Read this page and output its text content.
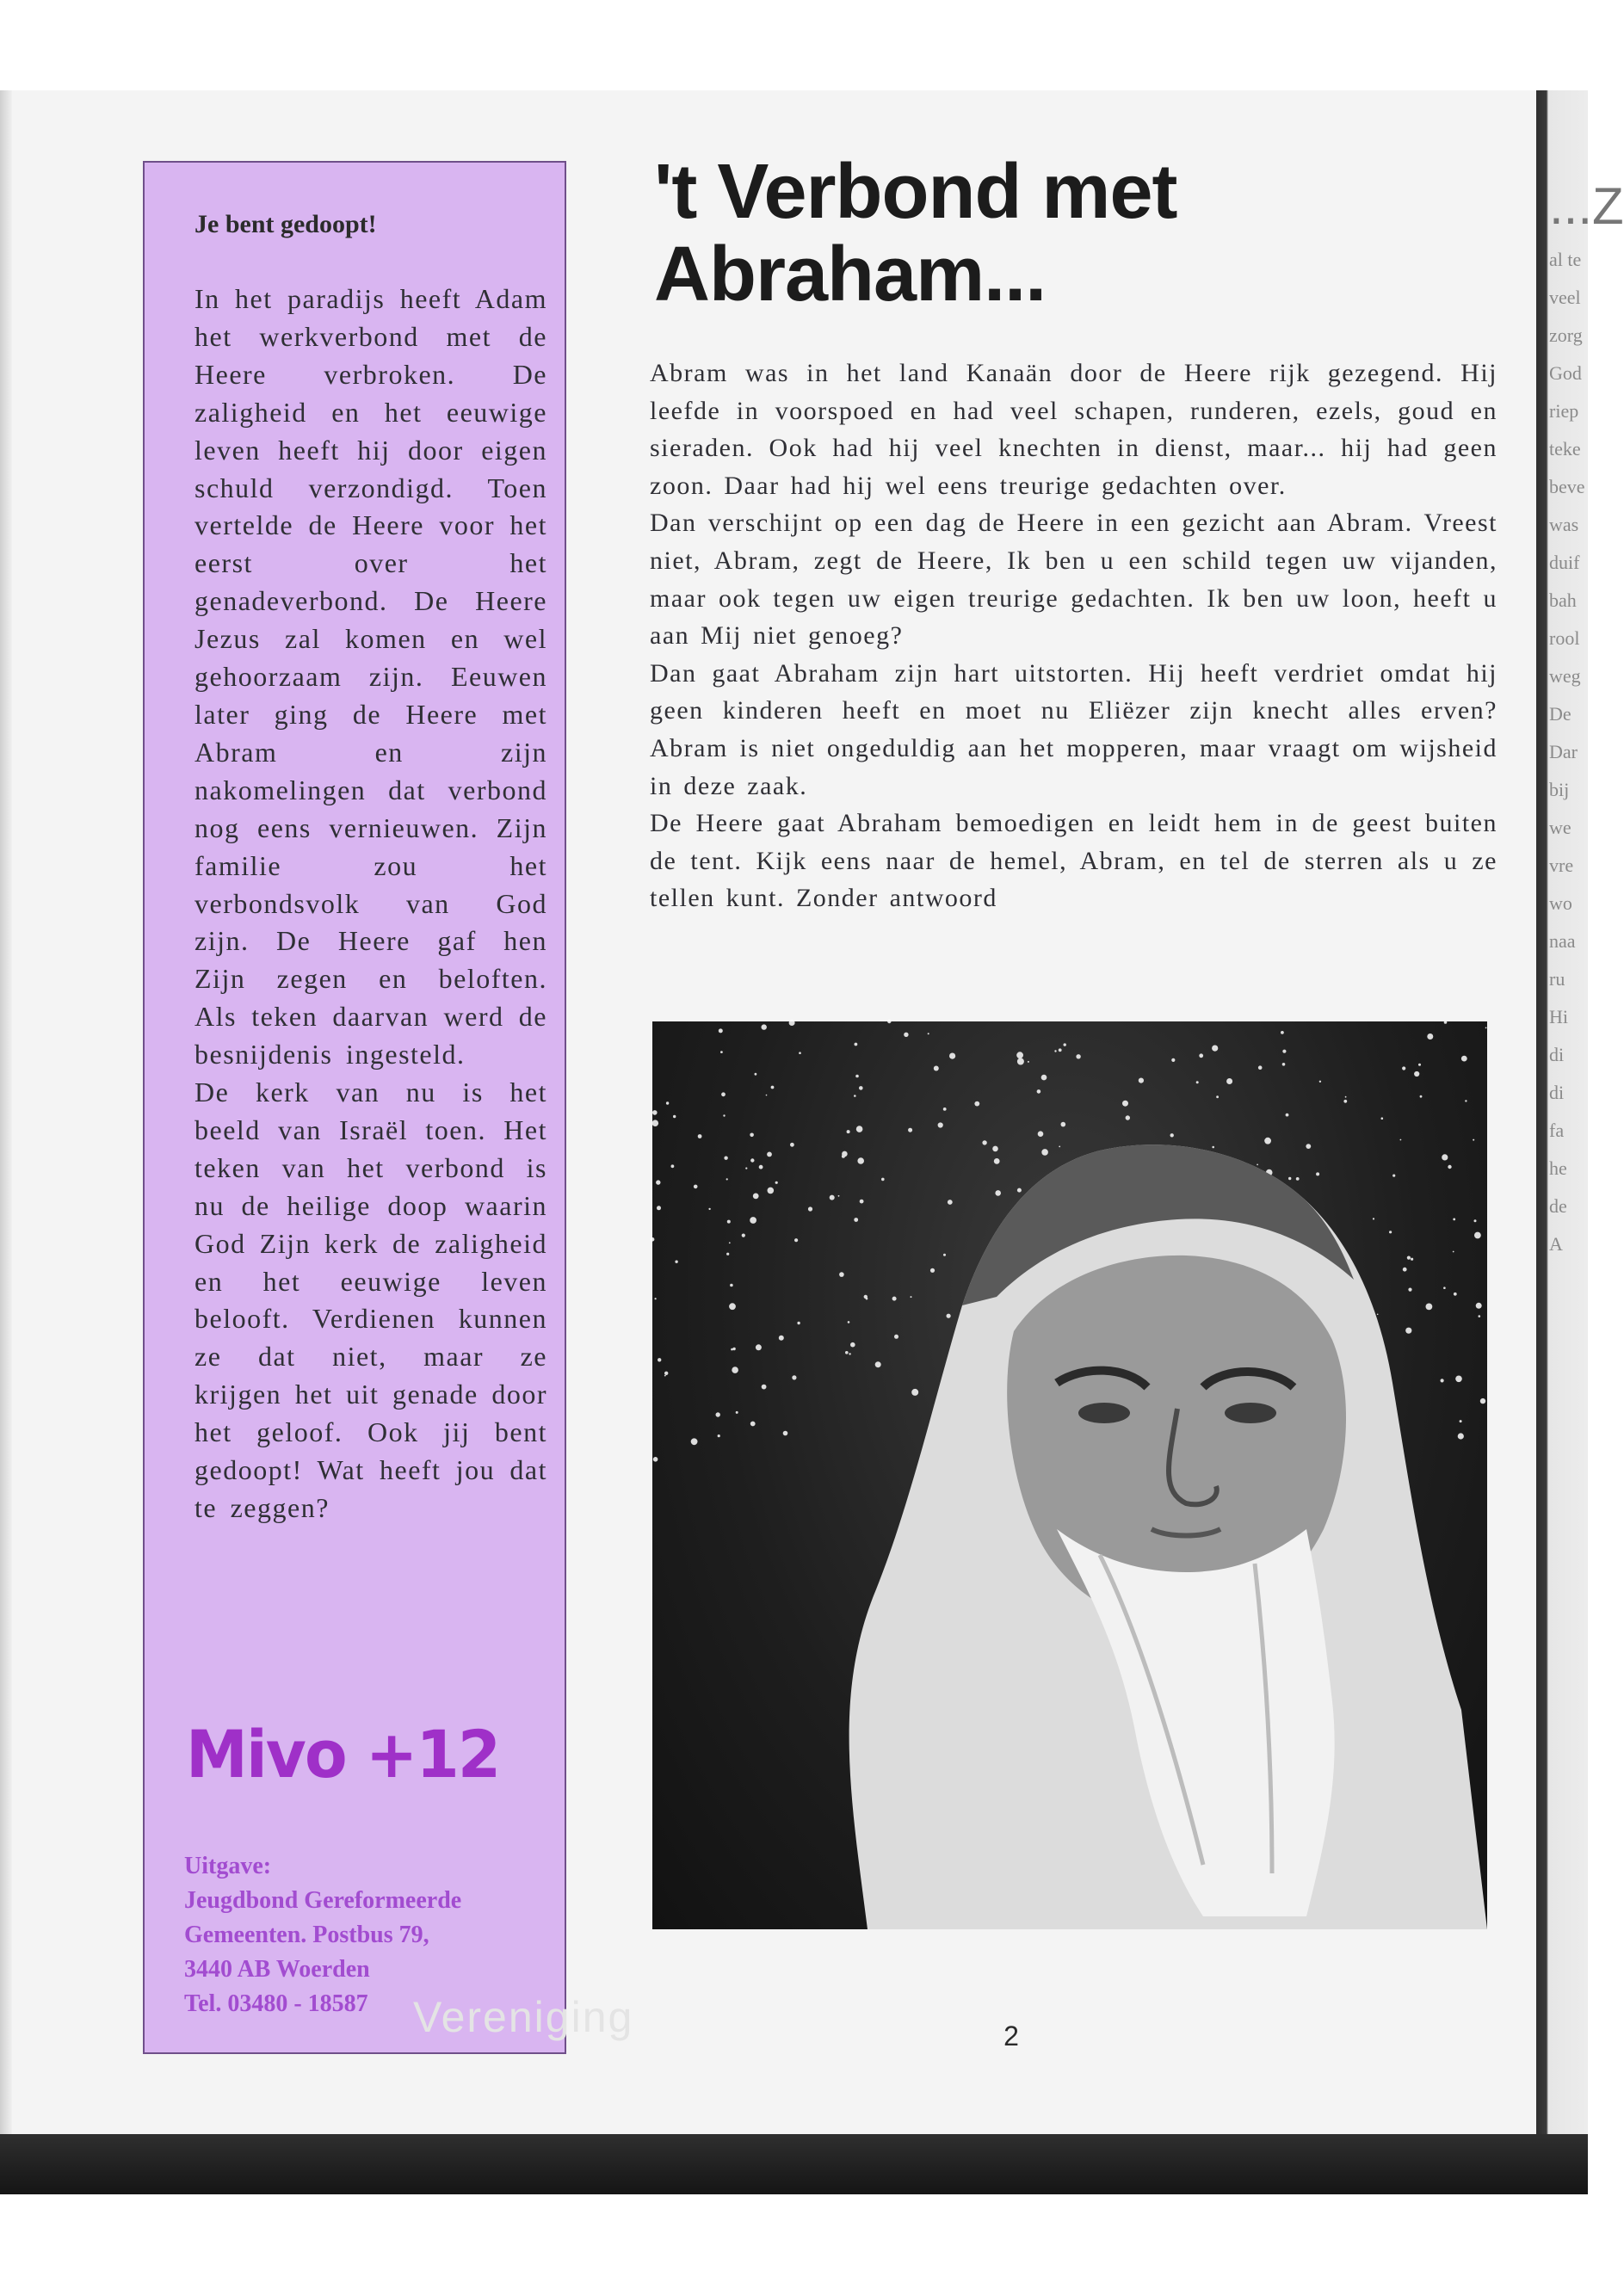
...Z
al te
veel
zorg
God
riep
teke
beve
was
duif
bah
rool
weg
De
Dar
bij
we
vre
wo
naa
ru
Hi
di
di
fa
he
de
A
Je bent gedoopt!

In het paradijs heeft Adam het werkverbond met de Heere verbroken. De zaligheid en het eeuwige leven heeft hij door eigen schuld verzondigd. Toen vertelde de Heere voor het eerst over het genadeverbond. De Heere Jezus zal komen en wel gehoorzaam zijn. Eeuwen later ging de Heere met Abram en zijn nakomelingen dat verbond nog eens vernieuwen. Zijn familie zou het verbondsvolk van God zijn. De Heere gaf hen Zijn zegen en beloften. Als teken daarvan werd de besnijdenis ingesteld.

De kerk van nu is het beeld van Israël toen. Het teken van het verbond is nu de heilige doop waarin God Zijn kerk de zaligheid en het eeuwige leven belooft. Verdienen kunnen ze dat niet, maar ze krijgen het uit genade door het geloof. Ook jij bent gedoopt! Wat heeft jou dat te zeggen?

Mivo +12
Uitgave:
Jeugdbond Gereformeerde
Gemeenten. Postbus 79,
3440 AB Woerden
Tel. 03480 - 18587
't Verbond met
Abraham...

Abram was in het land Kanaän door de Heere rijk gezegend. Hij leefde in voorspoed en had veel schapen, runderen, ezels, goud en sieraden. Ook had hij veel knechten in dienst, maar... hij had geen zoon. Daar had hij wel eens treurige gedachten over.

Dan verschijnt op een dag de Heere in een gezicht aan Abram. Vreest niet, Abram, zegt de Heere, Ik ben u een schild tegen uw vijanden, maar ook tegen uw eigen treurige gedachten. Ik ben uw loon, heeft u aan Mij niet genoeg?

Dan gaat Abraham zijn hart uitstorten. Hij heeft verdriet omdat hij geen kinderen heeft en moet nu Eliëzer zijn knecht alles erven? Abram is niet ongeduldig aan het mopperen, maar vraagt om wijsheid in deze zaak.

De Heere gaat Abraham bemoedigen en leidt hem in de geest buiten de tent. Kijk eens naar de hemel, Abram, en tel de sterren als u ze tellen kunt. Zonder antwoord

Vereniging	2
